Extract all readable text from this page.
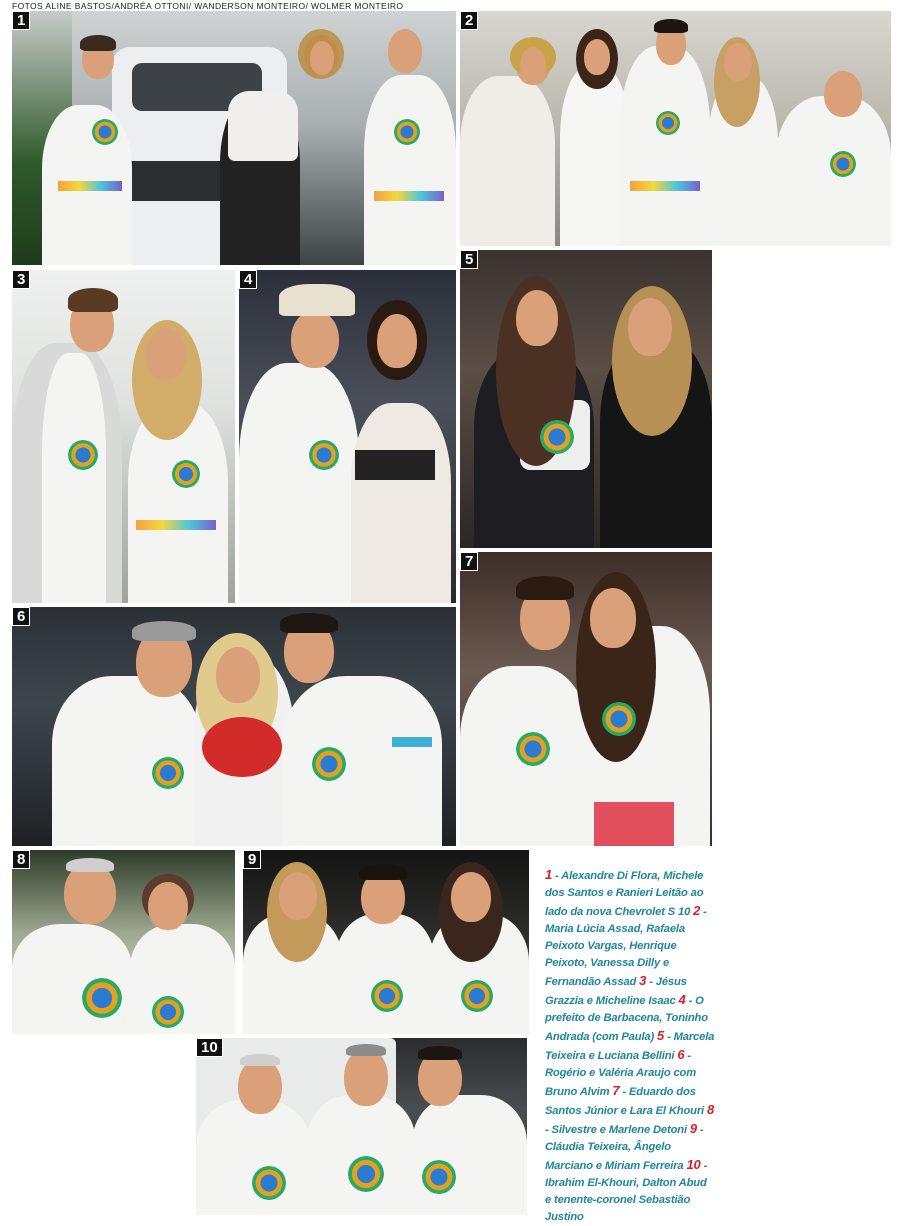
FOTOS ALINE BASTOS/ANDRÉA OTTONI/ WANDERSON MONTEIRO/ WOLMER MONTEIRO
1	2
3	4
5
6
7
8	9
10
1 - Alexandre Di Flora, Michele dos Santos e Ranieri Leitão ao lado da nova Chevrolet S 10 2 - Maria Lúcia Assad, Rafaela Peixoto Vargas, Henrique Peixoto, Vanessa Dilly e Fernandão Assad 3 - Jésus Grazzia e Micheline Isaac 4 - O prefeito de Barbacena, Toninho Andrada (com Paula) 5 - Marcela Teixeira e Luciana Bellini 6 - Rogério e Valéria Araujo com Bruno Alvim 7 - Eduardo dos Santos Júnior e Lara El Khouri 8 - Silvestre e Marlene Detoni 9 - Cláudia Teixeira, Ângelo Marciano e Miriam Ferreira 10 - Ibrahim El-Khouri, Dalton Abud e tenente-coronel Sebastião Justino
